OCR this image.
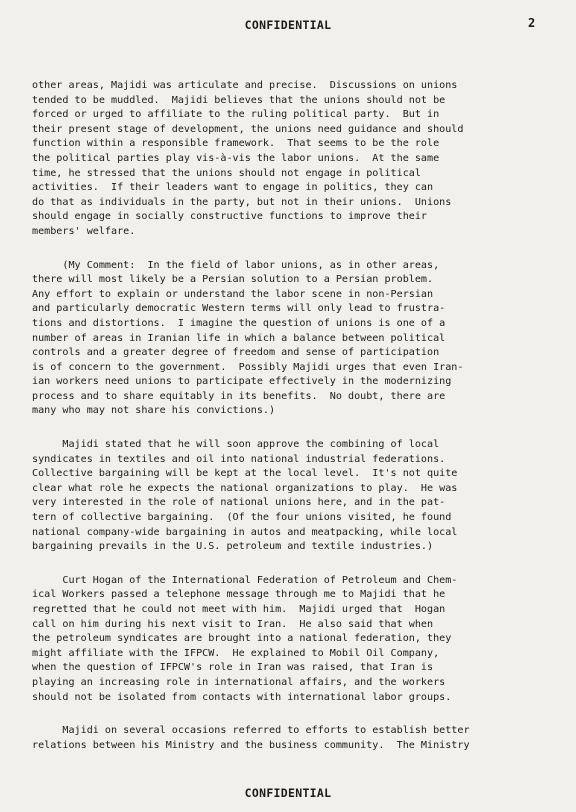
CONFIDENTIAL	2
other areas, Majidi was articulate and precise.  Discussions on unions
tended to be muddled.  Majidi believes that the unions should not be
forced or urged to affiliate to the ruling political party.  But in
their present stage of development, the unions need guidance and should
function within a responsible framework.  That seems to be the role
the political parties play vis-à-vis the labor unions.  At the same
time, he stressed that the unions should not engage in political
activities.  If their leaders want to engage in politics, they can
do that as individuals in the party, but not in their unions.  Unions
should engage in socially constructive functions to improve their
members' welfare.
(My Comment:  In the field of labor unions, as in other areas,
there will most likely be a Persian solution to a Persian problem.
Any effort to explain or understand the labor scene in non-Persian
and particularly democratic Western terms will only lead to frustra-
tions and distortions.  I imagine the question of unions is one of a
number of areas in Iranian life in which a balance between political
controls and a greater degree of freedom and sense of participation
is of concern to the government.  Possibly Majidi urges that even Iran-
ian workers need unions to participate effectively in the modernizing
process and to share equitably in its benefits.  No doubt, there are
many who may not share his convictions.)
Majidi stated that he will soon approve the combining of local
syndicates in textiles and oil into national industrial federations.
Collective bargaining will be kept at the local level.  It's not quite
clear what role he expects the national organizations to play.  He was
very interested in the role of national unions here, and in the pat-
tern of collective bargaining.  (Of the four unions visited, he found
national company-wide bargaining in autos and meatpacking, while local
bargaining prevails in the U.S. petroleum and textile industries.)
Curt Hogan of the International Federation of Petroleum and Chem-
ical Workers passed a telephone message through me to Majidi that he
regretted that he could not meet with him.  Majidi urged that  Hogan
call on him during his next visit to Iran.  He also said that when
the petroleum syndicates are brought into a national federation, they
might affiliate with the IFPCW.  He explained to Mobil Oil Company,
when the question of IFPCW's role in Iran was raised, that Iran is
playing an increasing role in international affairs, and the workers
should not be isolated from contacts with international labor groups.
Majidi on several occasions referred to efforts to establish better
relations between his Ministry and the business community.  The Ministry
CONFIDENTIAL
